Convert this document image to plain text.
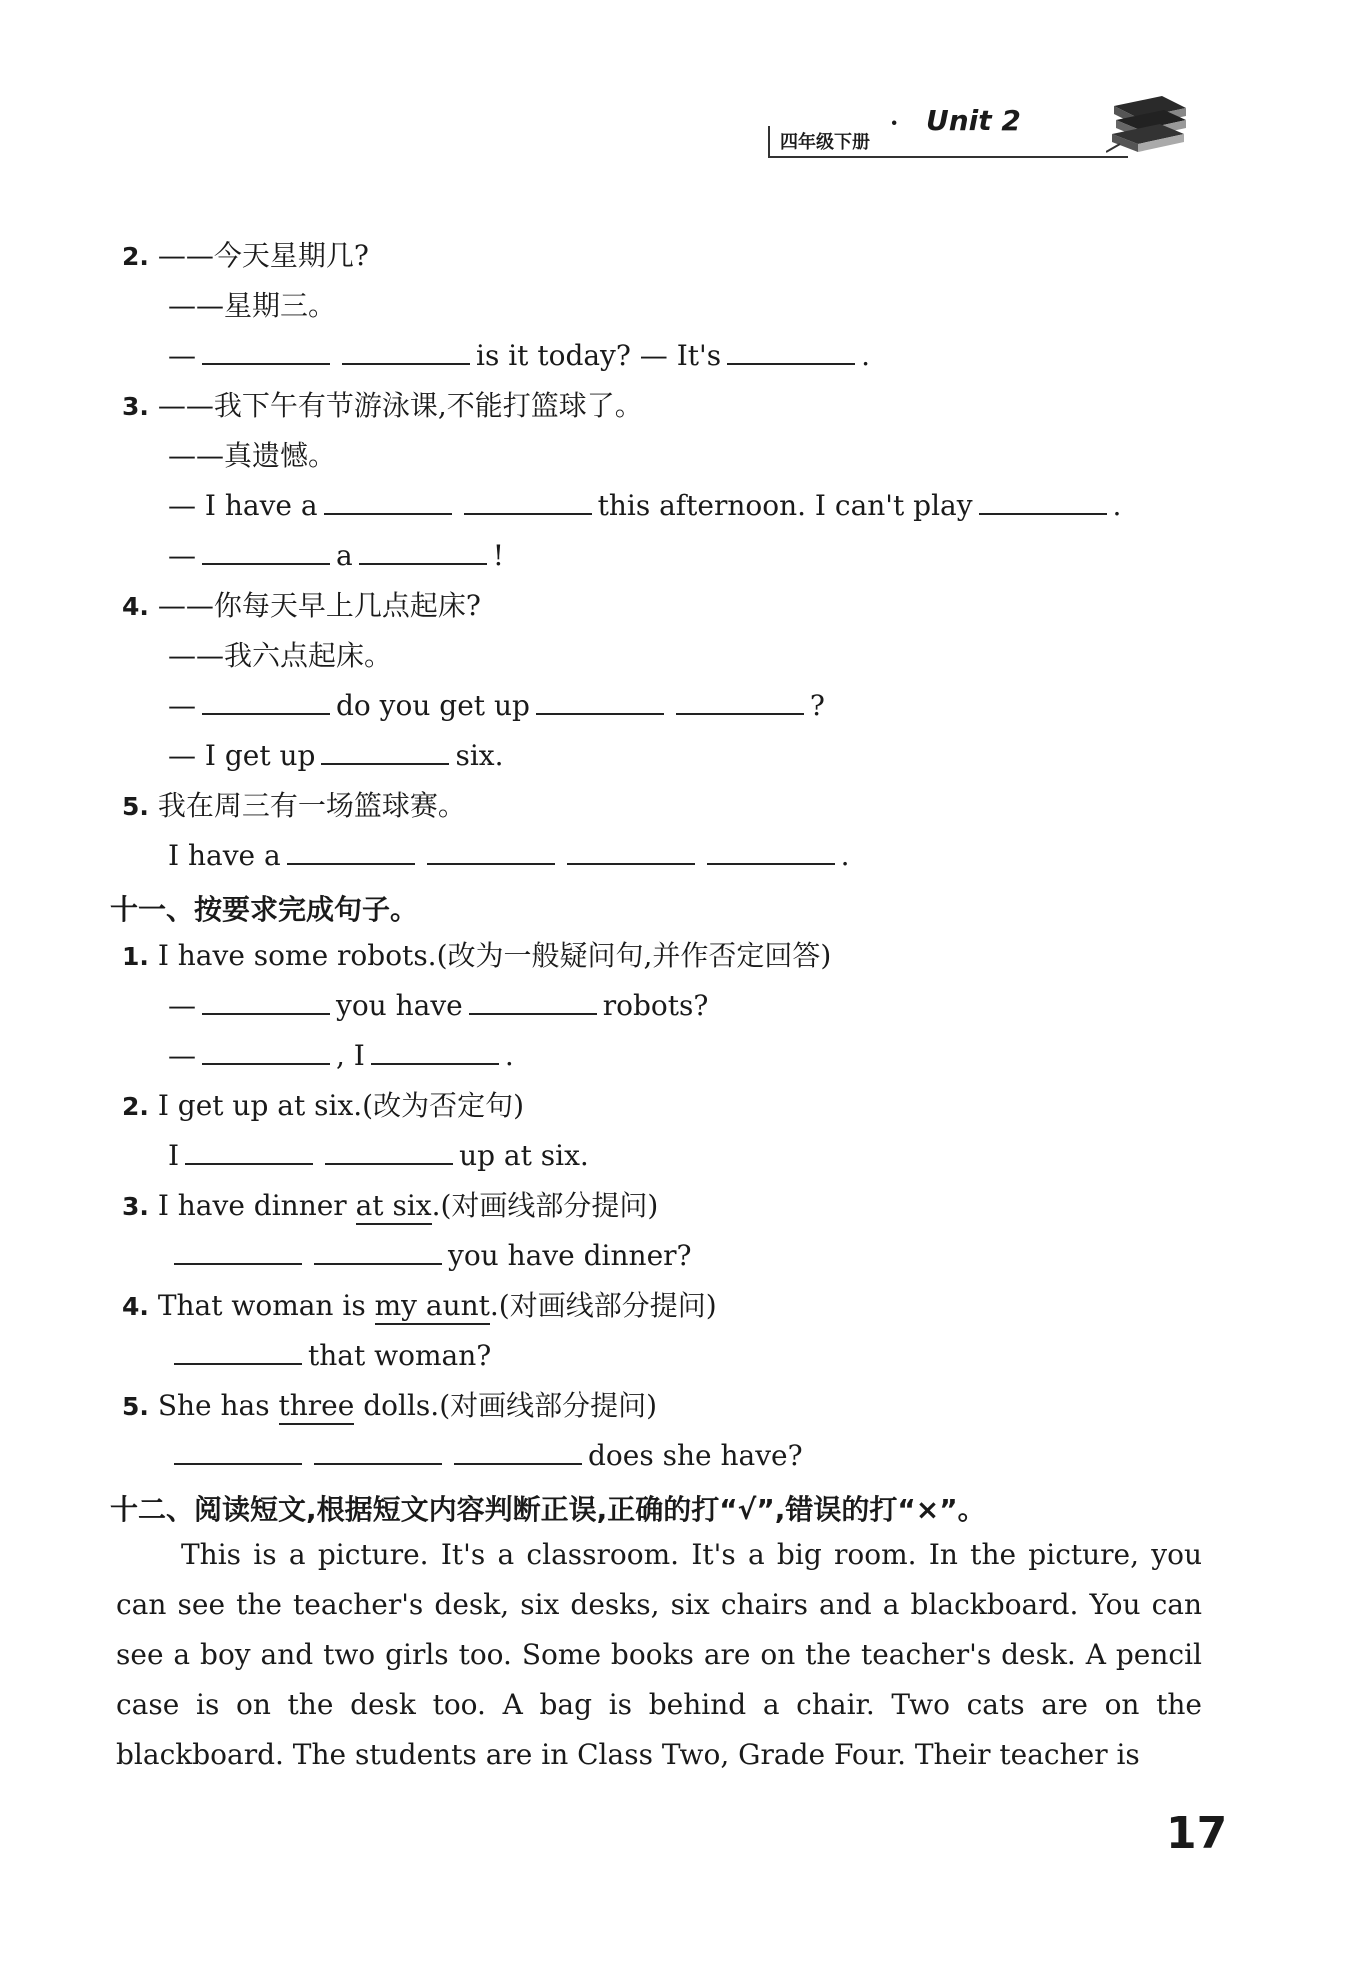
四年级下册
· Unit 2
2. ——今天星期几?
——星期三。
—	is it today? — It's	.
3. ——我下午有节游泳课,不能打篮球了。
——真遗憾。
— I have a	this afternoon. I can't play	.
—	a	!
4. ——你每天早上几点起床?
——我六点起床。
—	do you get up	?
— I get up	six.
5. 我在周三有一场篮球赛。
I have a	.
十一、按要求完成句子。
1. I have some robots.(改为一般疑问句,并作否定回答)
—	you have	robots?
—	, I	.
2. I get up at six.(改为否定句)
I	up at six.
3. I have dinner at six.(对画线部分提问)
you have dinner?
4. That woman is my aunt.(对画线部分提问)
that woman?
5. She has three dolls.(对画线部分提问)
does she have?
十二、阅读短文,根据短文内容判断正误,正确的打“√”,错误的打“×”。
This is a picture. It's a classroom. It's a big room. In the picture, you can see the teacher's desk, six desks, six chairs and a blackboard. You can see a boy and two girls too. Some books are on the teacher's desk. A pencil case is on the desk too. A bag is behind a chair. Two cats are on the blackboard. The students are in Class Two, Grade Four. Their teacher is
17
